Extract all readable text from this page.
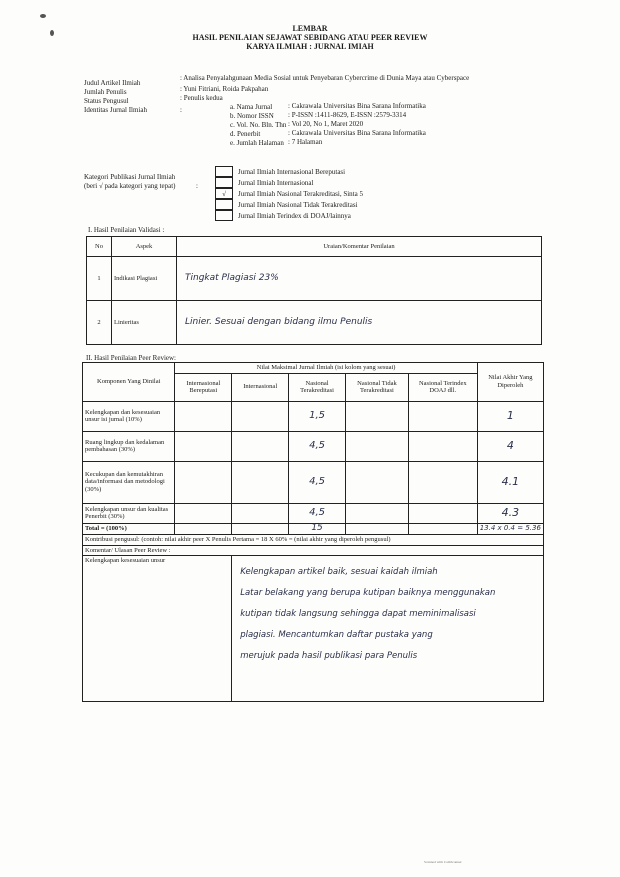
LEMBAR
HASIL PENILAIAN SEJAWAT SEBIDANG ATAU PEER REVIEW
KARYA ILMIAH : JURNAL IMIAH
Judul Artikel Ilmiah
: Analisa Penyalahgunaan Media Sosial untuk Penyebaran Cybercrime di Dunia Maya atau Cyberspace
Jumlah Penulis	: Yuni Fitriani, Roida Pakpahan
Status Pengusul	: Penulis kedua
Identitas Jurnal Ilmiah	:	a. Nama Jurnal : Cakrawala Universitas Bina Sarana Informatika
b. Nomor ISSN : P-ISSN :1411-8629, E-ISSN :2579-3314
c. Vol. No. Bln. Thn : Vol 20, No 1, Maret 2020
d. Penerbit	: Cakrawala Universitas Bina Sarana Informatika
e. Jumlah Halaman : 7 Halaman
Kategori Publikasi Jurnal Ilmiah
(beri √ pada kategori yang tepat)	:
Jurnal Ilmiah Internasional Bereputasi
Jurnal Ilmiah Internasional
√	Jurnal Ilmiah Nasional Terakreditasi, Sinta 5
Jurnal Ilmiah Nasional Tidak Terakreditasi
Jurnal Ilmiah Terindex di DOAJ/lainnya
I. Hasil Penilaian Validasi :
No	Aspek	Uraian/Komentar Penilaian
1	Indikasi Plagiasi	Tingkat Plagiasi 23%
2	Linieritas	Linier. Sesuai dengan bidang ilmu Penulis
II. Hasil Penilaian Peer Review:
Komponen Yang Dinilai	Nilai Maksimal Jurnal Ilmiah (isi kolom yang sesuai)					Nilai Akhir Yang Diperoleh
	Internasional Bereputasi	Internasional	Nasional Terakreditasi	Nasional Tidak Terakreditasi	Nasional Terindex DOAJ dll.	
Kelengkapan dan kesesuaian unsur isi jurnal (10%)			1,5			1
Ruang lingkup dan kedalaman pembahasan (30%)			4,5			4
Kecukupan dan kemutakhiran data/informasi dan metodologi (30%)			4,5			4.1
Kelengkapan unsur dan kualitas Penerbit (30%)			4,5			4.3
Total = (100%)			15			13.4 x 0.4 = 5.36
Kontribusi pengusul: (contoh: nilai akhir peer X Penulis Pertama = 18 X 60% = (nilai akhir yang diperoleh pengusul)						
Komentar/ Ulasan Peer Review :						
Kelengkapan kesesuaian unsur		Kelengkapan artikel baik, sesuai kaidah ilmiah
Latar belakang yang berupa kutipan baiknya menggunakan
kutipan tidak langsung sehingga dapat meminimalisasi
plagiasi. Mencantumkan daftar pustaka yang
merujuk pada hasil publikasi para Penulis				
Scanned with CamScanner
